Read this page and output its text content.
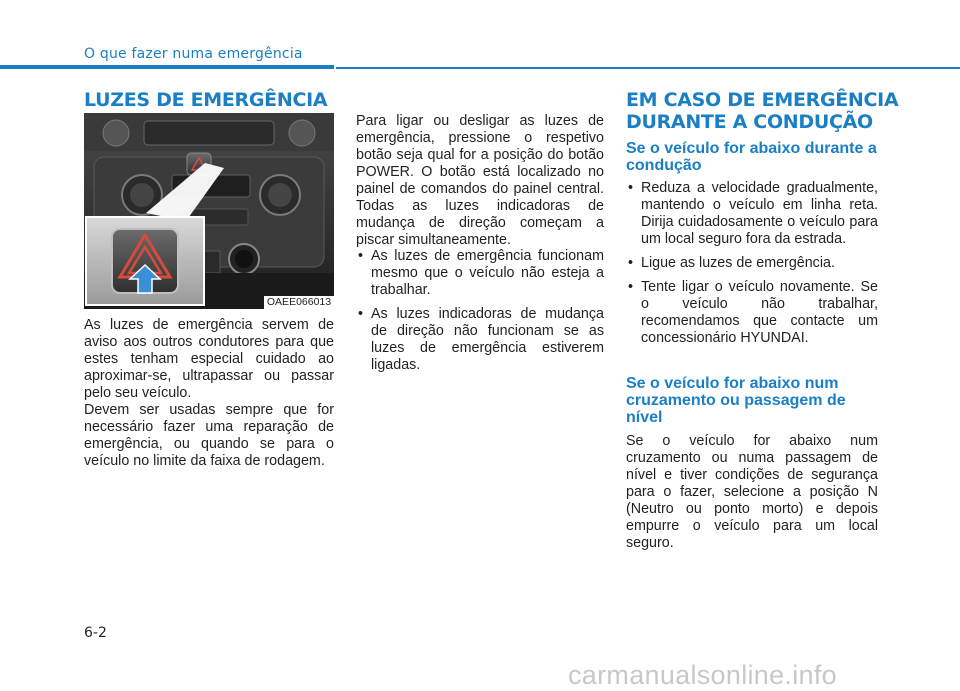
O que fazer numa emergência
LUZES DE EMERGÊNCIA
OAEE066013

As luzes de emergência servem de aviso aos outros condutores para que estes tenham especial cuidado ao aproximar-se, ultrapassar ou passar pelo seu veículo.

Devem ser usadas sempre que for necessário fazer uma reparação de emergência, ou quando se para o veículo no limite da faixa de rodagem.

Para ligar ou desligar as luzes de emergência, pressione o respetivo botão seja qual for a posição do botão POWER. O botão está localizado no painel de comandos do painel central. Todas as luzes indicadoras de mudança de direção começam a piscar simultaneamente.

• As luzes de emergência funcionam mesmo que o veículo não esteja a trabalhar.
• As luzes indicadoras de mudança de direção não funcionam se as luzes de emergência estiverem ligadas.
EM CASO DE EMERGÊNCIA
DURANTE A CONDUÇÃO

Se o veículo for abaixo durante a condução

• Reduza a velocidade gradualmente, mantendo o veículo em linha reta. Dirija cuidadosamente o veículo para um local seguro fora da estrada.
• Ligue as luzes de emergência.
• Tente ligar o veículo novamente. Se o veículo não trabalhar, recomendamos que contacte um concessionário HYUNDAI.

Se o veículo for abaixo num cruzamento ou passagem de nível

Se o veículo for abaixo num cruzamento ou numa passagem de nível e tiver condições de segurança para o fazer, selecione a posição N (Neutro ou ponto morto) e depois empurre o veículo para um local seguro.

6-2
carmanualsonline.info
